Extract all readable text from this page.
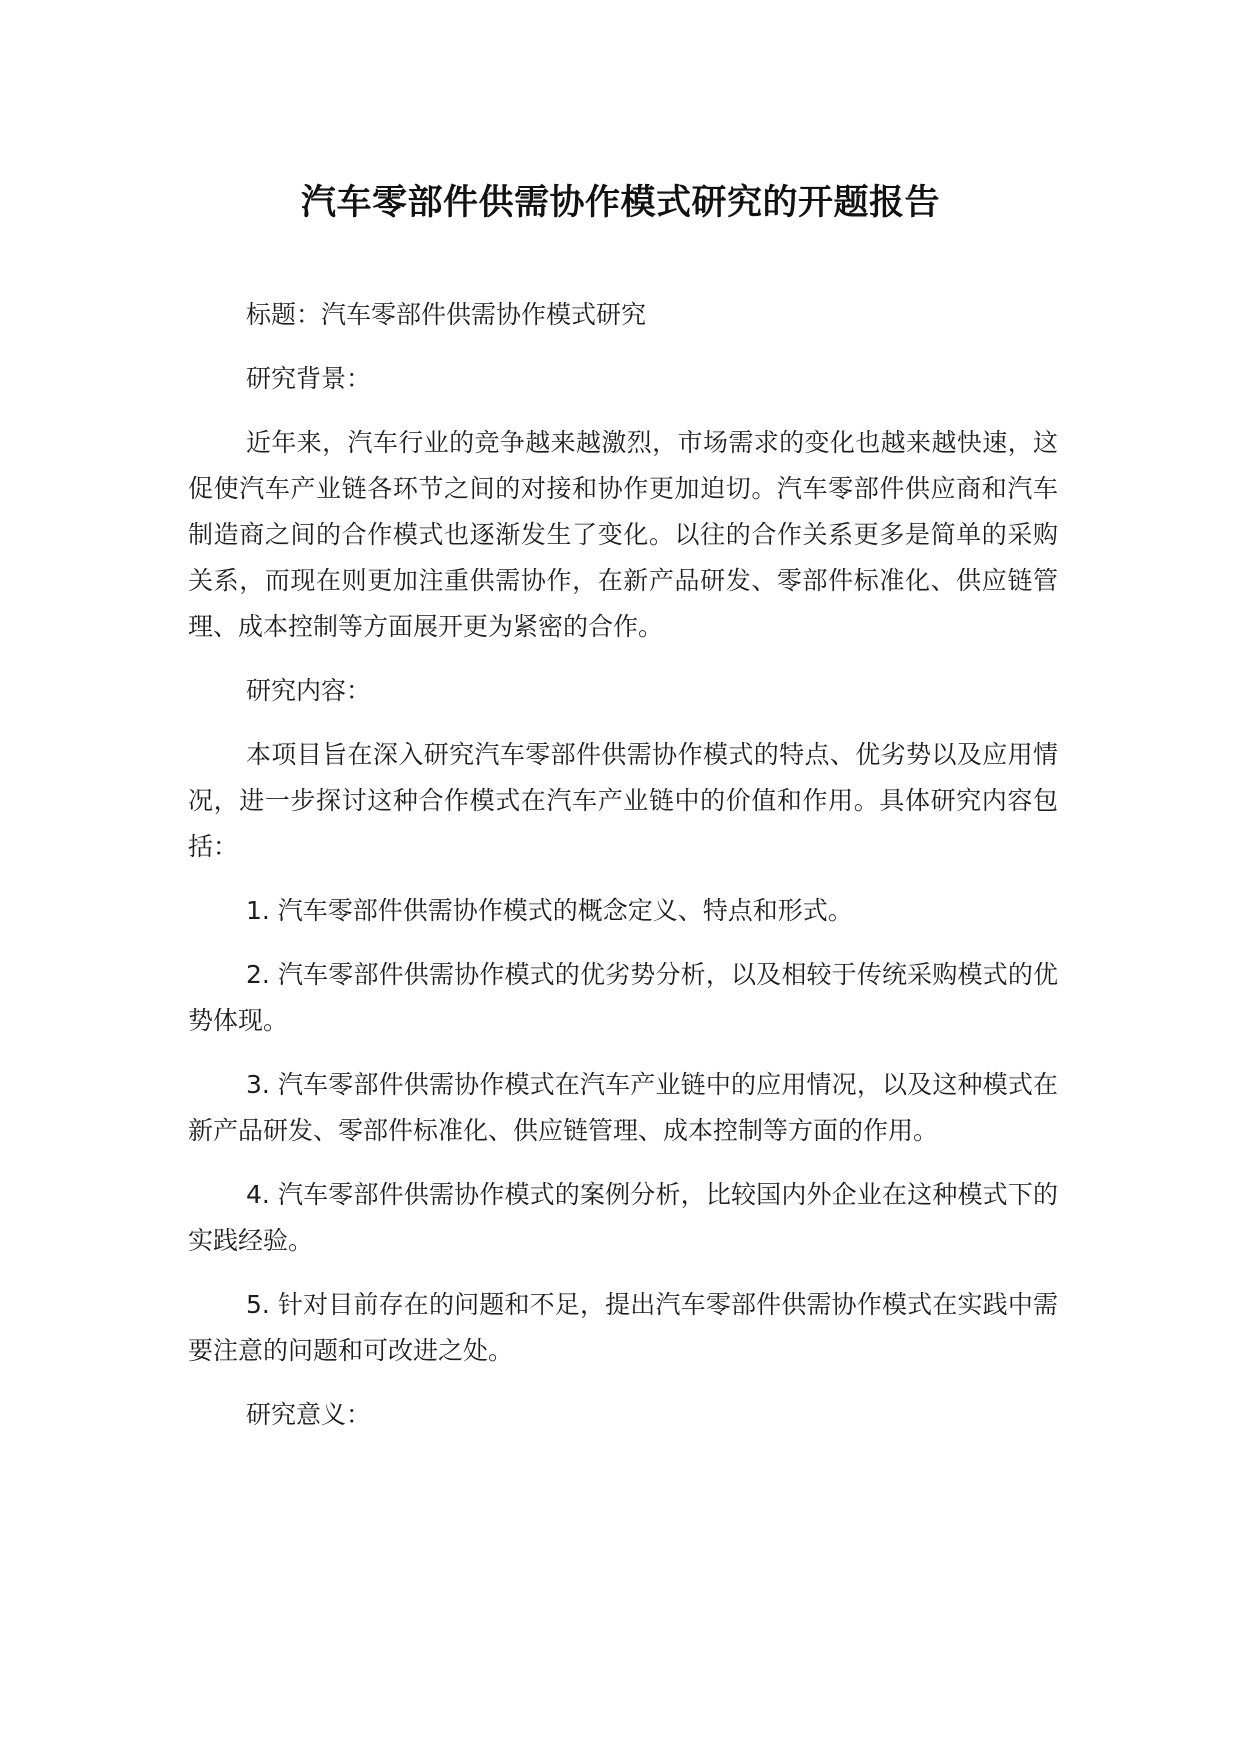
汽车零部件供需协作模式研究的开题报告

标题：汽车零部件供需协作模式研究

研究背景：

近年来，汽车行业的竞争越来越激烈，市场需求的变化也越来越快速，这促使汽车产业链各环节之间的对接和协作更加迫切。汽车零部件供应商和汽车制造商之间的合作模式也逐渐发生了变化。以往的合作关系更多是简单的采购关系，而现在则更加注重供需协作，在新产品研发、零部件标准化、供应链管理、成本控制等方面展开更为紧密的合作。

研究内容：

本项目旨在深入研究汽车零部件供需协作模式的特点、优劣势以及应用情况，进一步探讨这种合作模式在汽车产业链中的价值和作用。具体研究内容包括：

1. 汽车零部件供需协作模式的概念定义、特点和形式。

2. 汽车零部件供需协作模式的优劣势分析，以及相较于传统采购模式的优势体现。

3. 汽车零部件供需协作模式在汽车产业链中的应用情况，以及这种模式在新产品研发、零部件标准化、供应链管理、成本控制等方面的作用。

4. 汽车零部件供需协作模式的案例分析，比较国内外企业在这种模式下的实践经验。

5. 针对目前存在的问题和不足，提出汽车零部件供需协作模式在实践中需要注意的问题和可改进之处。

研究意义：
